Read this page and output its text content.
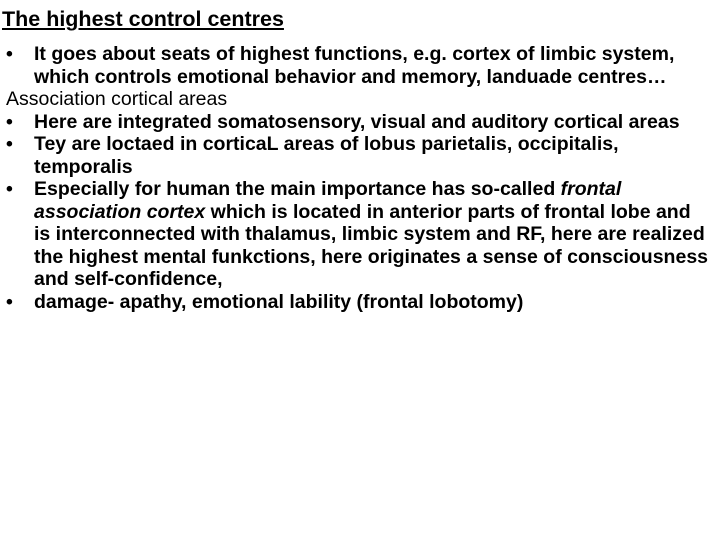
The highest control centres
• It goes about seats of highest functions, e.g. cortex of limbic system, which controls emotional behavior and memory, landuade centres…
Association cortical areas
• Here are integrated somatosensory, visual and auditory cortical areas
• Tey are loctaed in corticaL areas of lobus parietalis, occipitalis, temporalis
• Especially for human the main importance has so-called frontal association cortex which is located in anterior parts of frontal lobe and is interconnected with thalamus, limbic system and RF, here are realized the highest mental funkctions, here originates a sense of consciousness and self-confidence,
• damage- apathy, emotional lability (frontal lobotomy)
